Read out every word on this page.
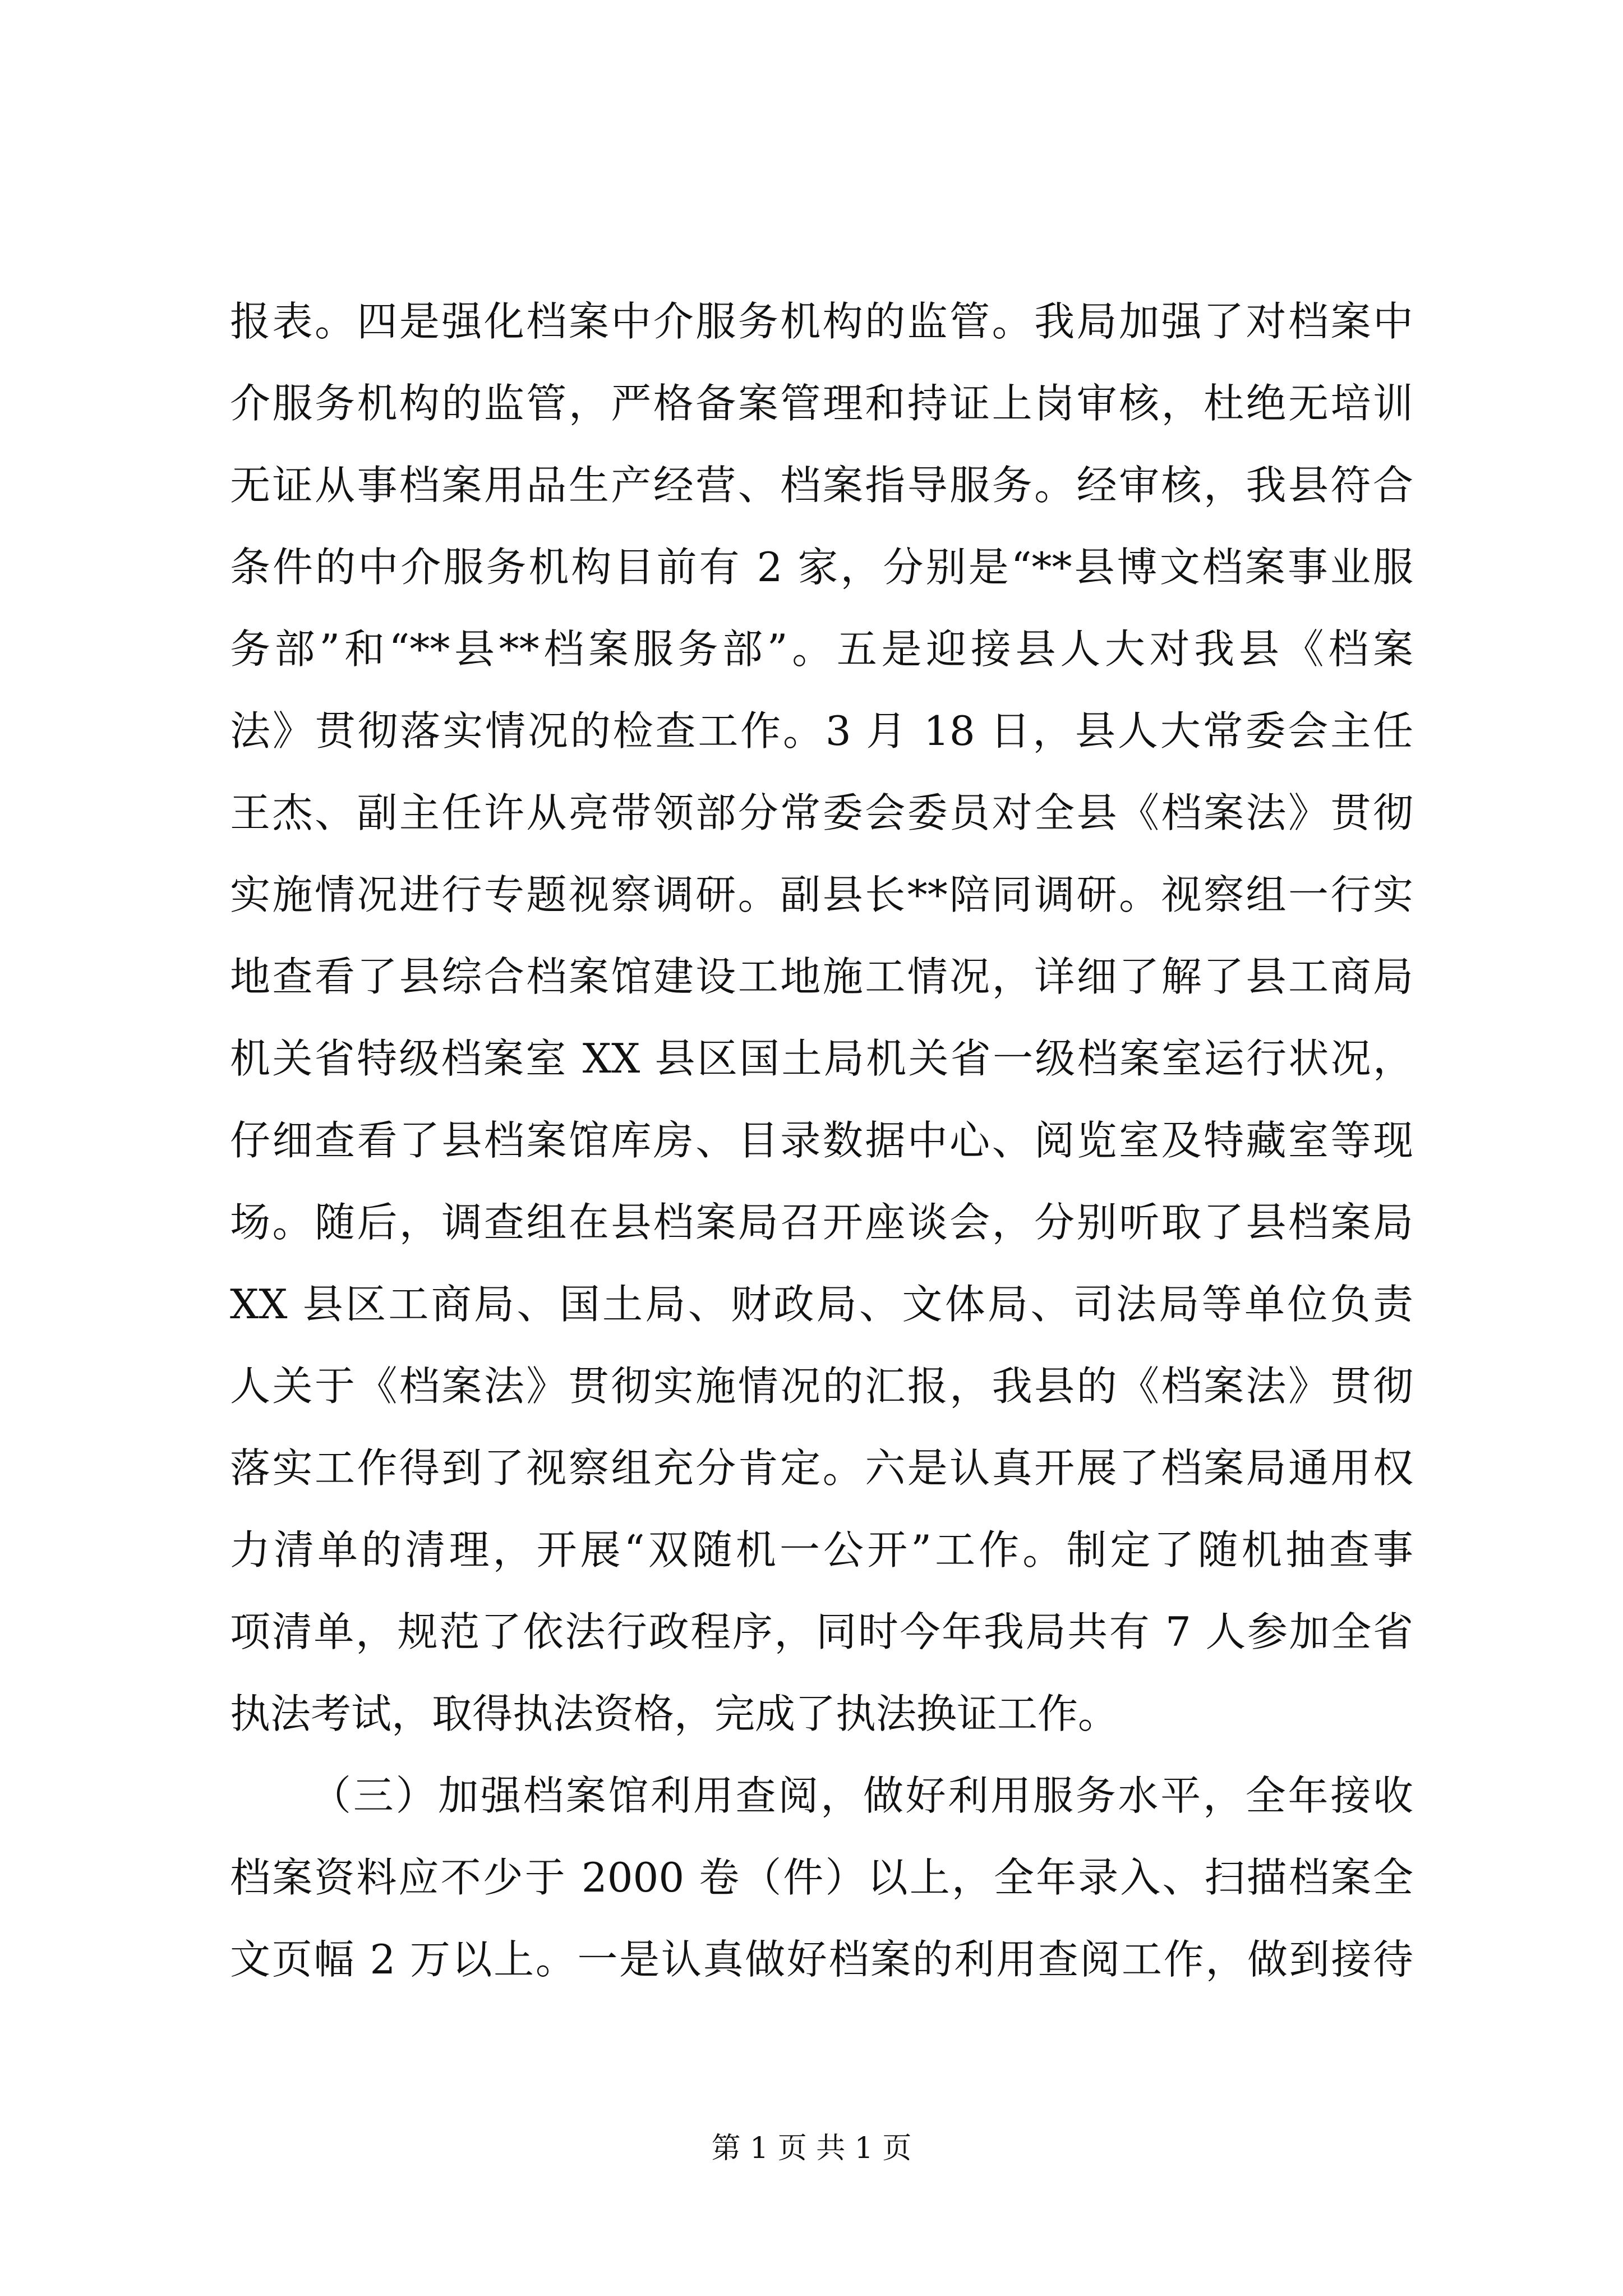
报表。四是强化档案中介服务机构的监管。我局加强了对档案中
介服务机构的监管，严格备案管理和持证上岗审核，杜绝无培训
无证从事档案用品生产经营、档案指导服务。经审核，我县符合
条件的中介服务机构目前有 2 家，分别是“**县博文档案事业服
务部”和“**县**档案服务部”。五是迎接县人大对我县《档案
法》贯彻落实情况的检查工作。3 月 18 日，县人大常委会主任
王杰、副主任许从亮带领部分常委会委员对全县《档案法》贯彻
实施情况进行专题视察调研。副县长**陪同调研。视察组一行实
地查看了县综合档案馆建设工地施工情况，详细了解了县工商局
机关省特级档案室 XX 县区国土局机关省一级档案室运行状况，
仔细查看了县档案馆库房、目录数据中心、阅览室及特藏室等现
场。随后，调查组在县档案局召开座谈会，分别听取了县档案局
XX 县区工商局、国土局、财政局、文体局、司法局等单位负责
人关于《档案法》贯彻实施情况的汇报，我县的《档案法》贯彻
落实工作得到了视察组充分肯定。六是认真开展了档案局通用权
力清单的清理，开展“双随机一公开”工作。制定了随机抽查事
项清单，规范了依法行政程序，同时今年我局共有 7 人参加全省
执法考试，取得执法资格，完成了执法换证工作。
（三）加强档案馆利用查阅，做好利用服务水平，全年接收
档案资料应不少于 2000 卷（件）以上，全年录入、扫描档案全
文页幅 2 万以上。一是认真做好档案的利用查阅工作，做到接待
第 1 页 共 1 页
